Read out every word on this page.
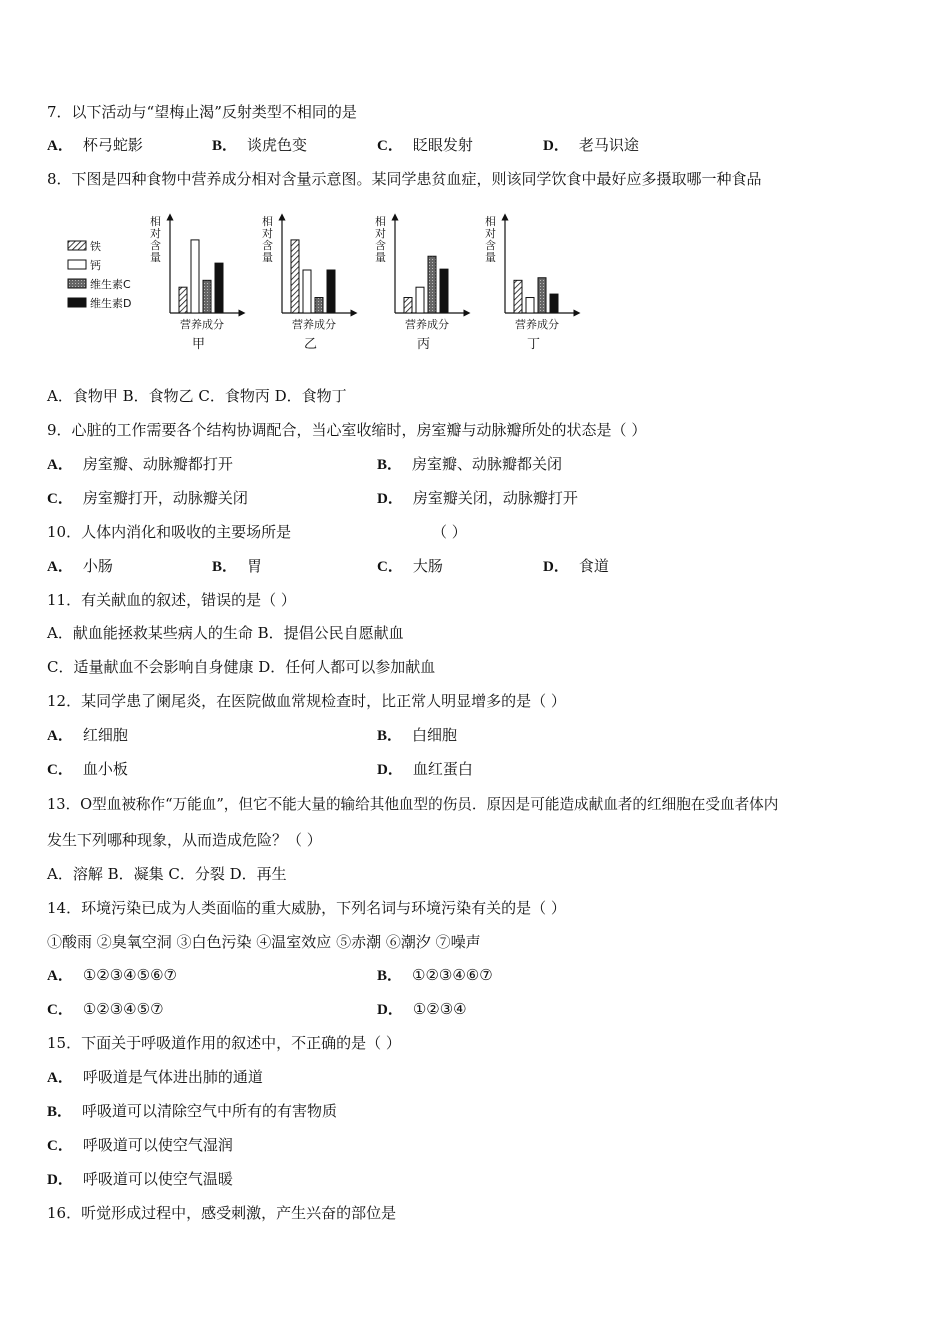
7．以下活动与“望梅止渴”反射类型不相同的是
A． 杯弓蛇影	B． 谈虎色变	C． 眨眼发射	D． 老马识途
8．下图是四种食物中营养成分相对含量示意图。某同学患贫血症，则该同学饮食中最好应多摄取哪一种食品
铁
钙
维生素C
维生素D
相
对
含
量
营养成分
甲
相
对
含
量
营养成分
乙
相
对
含
量
营养成分
丙
相
对
含
量
营养成分
丁
A．食物甲 B．食物乙 C．食物丙 D．食物丁
9．心脏的工作需要各个结构协调配合，当心室收缩时，房室瓣与动脉瓣所处的状态是（ ）
A． 房室瓣、动脉瓣都打开	B． 房室瓣、动脉瓣都关闭
C． 房室瓣打开，动脉瓣关闭	D． 房室瓣关闭，动脉瓣打开
10．人体内消化和吸收的主要场所是	（ ）
A． 小肠	B． 胃	C． 大肠	D． 食道
11．有关献血的叙述，错误的是（ ）
A．献血能拯救某些病人的生命 B．提倡公民自愿献血
C．适量献血不会影响自身健康 D．任何人都可以参加献血
12．某同学患了阑尾炎，在医院做血常规检查时，比正常人明显增多的是（ ）
A． 红细胞	B． 白细胞
C． 血小板	D． 血红蛋白
13．O型血被称作“万能血”，但它不能大量的输给其他血型的伤员．原因是可能造成献血者的红细胞在受血者体内
发生下列哪种现象，从而造成危险？（ ）
A．溶解 B．凝集 C．分裂 D．再生
14．环境污染已成为人类面临的重大威胁，下列名词与环境污染有关的是（ ）
①酸雨 ②臭氧空洞 ③白色污染 ④温室效应 ⑤赤潮 ⑥潮汐 ⑦噪声
A． ①②③④⑤⑥⑦	B． ①②③④⑥⑦
C． ①②③④⑤⑦	D． ①②③④
15．下面关于呼吸道作用的叙述中，不正确的是（ ）
A． 呼吸道是气体进出肺的通道
B． 呼吸道可以清除空气中所有的有害物质
C． 呼吸道可以使空气湿润
D． 呼吸道可以使空气温暖
16．听觉形成过程中，感受刺激，产生兴奋的部位是
